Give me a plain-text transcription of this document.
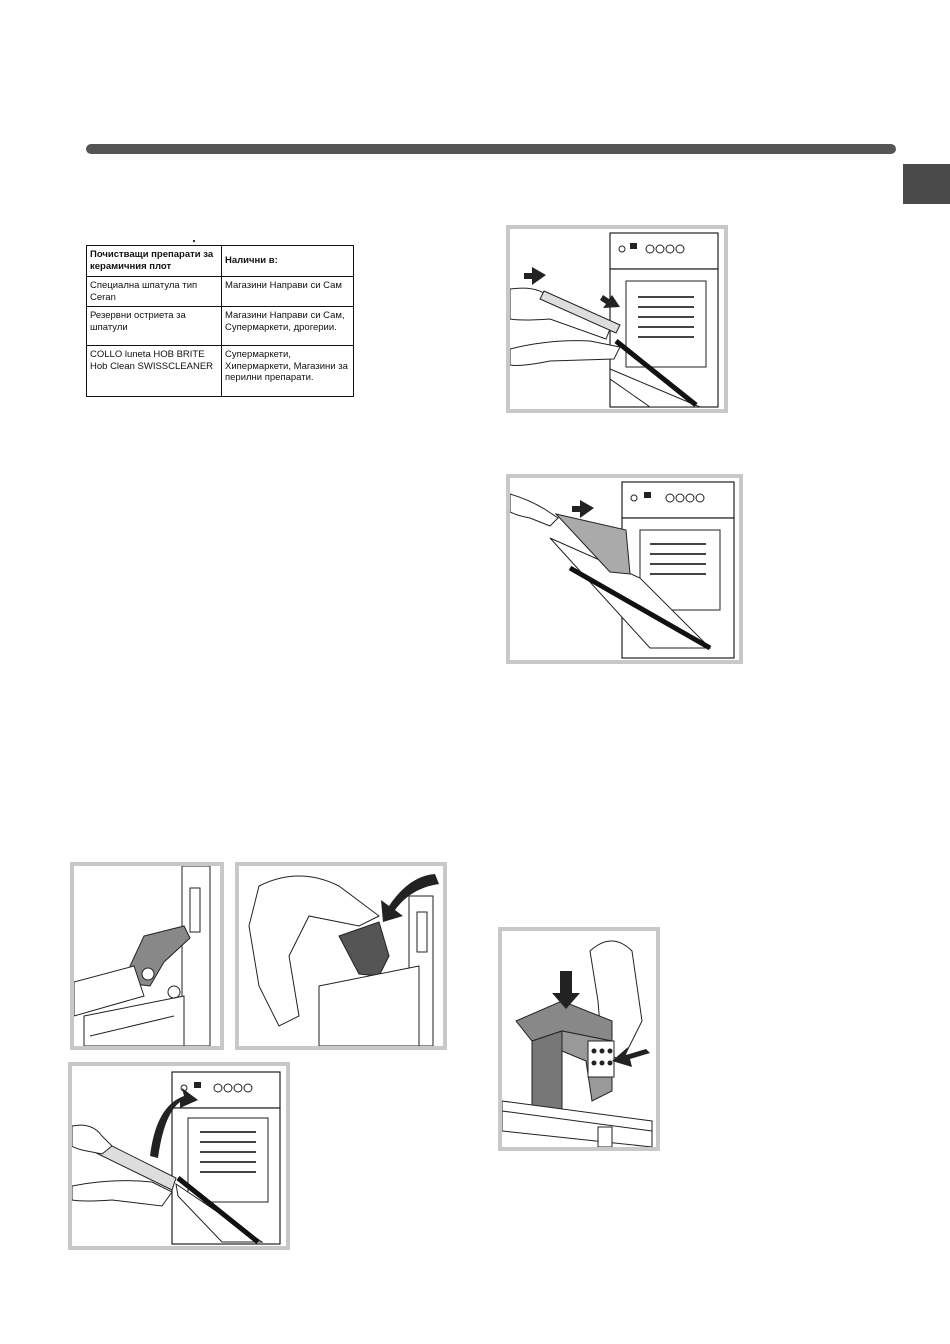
Почистващи препарати за керамичния плот	Налични в:
Специална шпатула тип Ceran	Магазини Направи си Сам
Резервни остриета за шпатули	Магазини Направи си Сам, Супермаркети, дрогерии.
COLLO luneta HOB BRITE Hob Clean SWISSCLEANER	Супермаркети, Хипермаркети, Магазини за перилни препарати.
